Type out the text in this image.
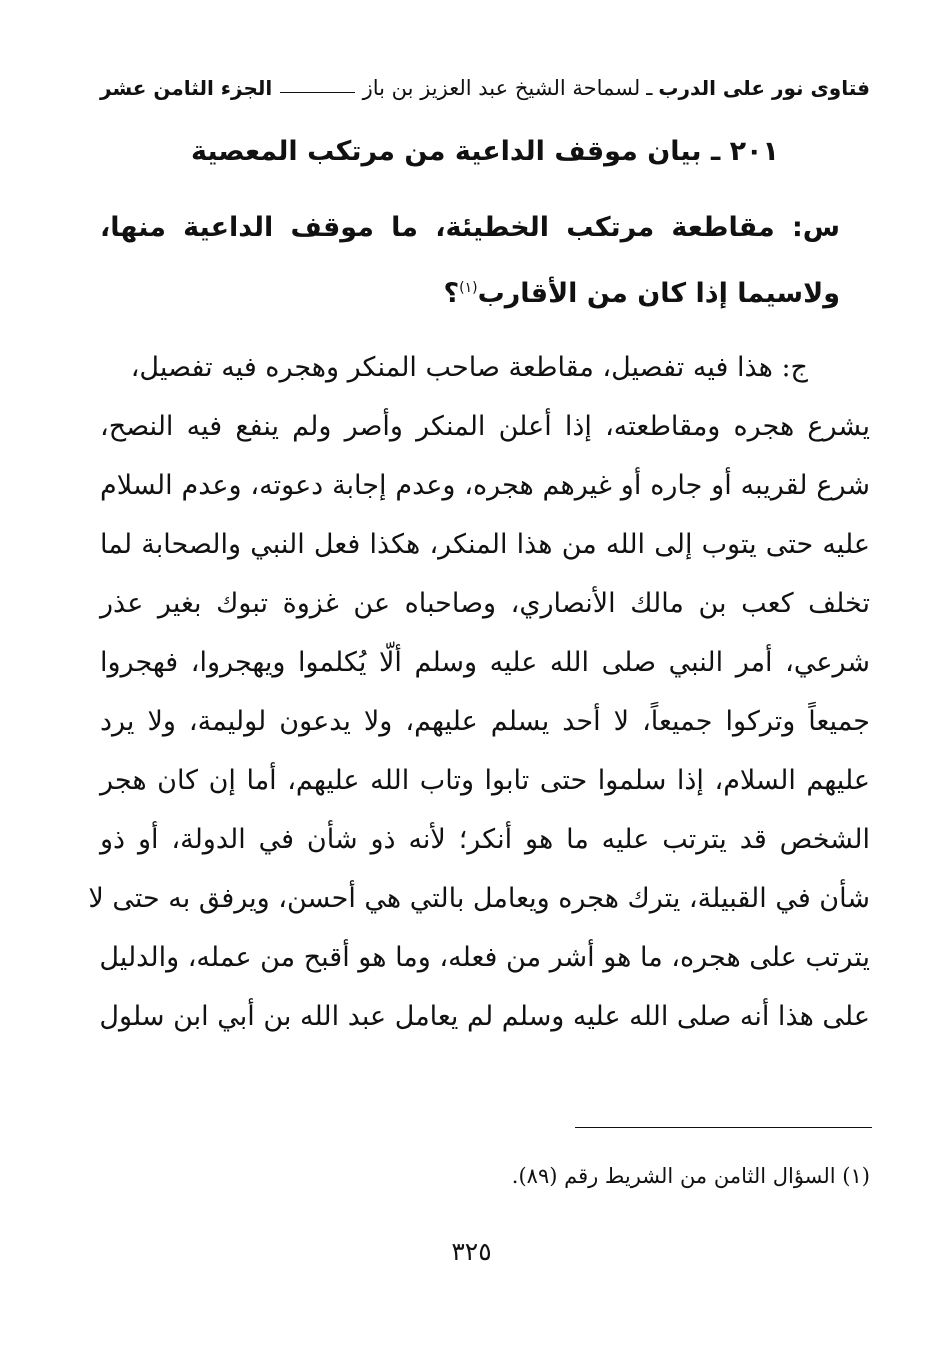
فتاوى نور على الدرب
ـ
لسماحة الشيخ عبد العزيز بن باز
الجزء الثامن عشر
٢٠١ ـ بيان موقف الداعية من مرتكب المعصية
س: مقاطعة مرتكب الخطيئة، ما موقف الداعية منها، ولاسيما إذا كان من الأقارب$^{(١)}$؟
ج: هذا فيه تفصيل، مقاطعة صاحب المنكر وهجره فيه تفصيل،
يشرع هجره ومقاطعته، إذا أعلن المنكر وأصر ولم ينفع فيه النصح،
شرع لقريبه أو جاره أو غيرهم هجره، وعدم إجابة دعوته، وعدم السلام
عليه حتى يتوب إلى الله من هذا المنكر، هكذا فعل النبي والصحابة لما
تخلف كعب بن مالك الأنصاري، وصاحباه عن غزوة تبوك بغير عذر
شرعي، أمر النبي صلى الله عليه وسلم ألّا يُكلموا ويهجروا، فهجروا
جميعاً وتركوا جميعاً، لا أحد يسلم عليهم، ولا يدعون لوليمة، ولا يرد
عليهم السلام، إذا سلموا حتى تابوا وتاب الله عليهم، أما إن كان هجر
الشخص قد يترتب عليه ما هو أنكر؛ لأنه ذو شأن في الدولة، أو ذو
شأن في القبيلة، يترك هجره ويعامل بالتي هي أحسن، ويرفق به حتى لا
يترتب على هجره، ما هو أشر من فعله، وما هو أقبح من عمله، والدليل
على هذا أنه صلى الله عليه وسلم لم يعامل عبد الله بن أبي ابن سلول
(١) السؤال الثامن من الشريط رقم (٨٩).
٣٢٥
